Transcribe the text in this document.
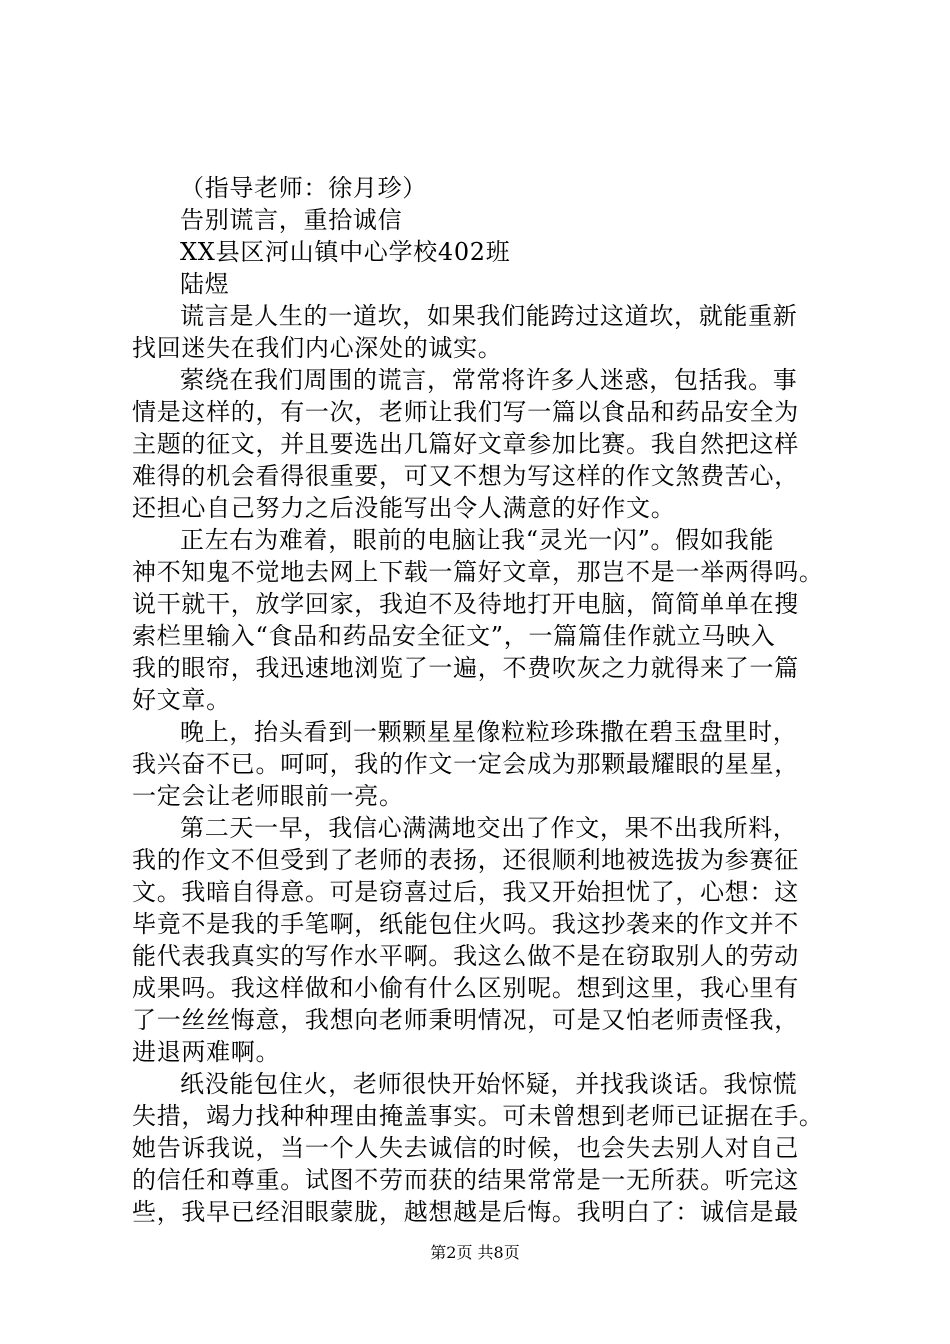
（指导老师：徐月珍）
告别谎言，重拾诚信
XX县区河山镇中心学校402班
陆煜
谎言是人生的一道坎，如果我们能跨过这道坎，就能重新
找回迷失在我们内心深处的诚实。
萦绕在我们周围的谎言，常常将许多人迷惑，包括我。事
情是这样的，有一次，老师让我们写一篇以食品和药品安全为
主题的征文，并且要选出几篇好文章参加比赛。我自然把这样
难得的机会看得很重要，可又不想为写这样的作文煞费苦心，
还担心自己努力之后没能写出令人满意的好作文。
正左右为难着，眼前的电脑让我“灵光一闪”。假如我能
神不知鬼不觉地去网上下载一篇好文章，那岂不是一举两得吗。
说干就干，放学回家，我迫不及待地打开电脑，简简单单在搜
索栏里输入“食品和药品安全征文”，一篇篇佳作就立马映入
我的眼帘，我迅速地浏览了一遍，不费吹灰之力就得来了一篇
好文章。
晚上，抬头看到一颗颗星星像粒粒珍珠撒在碧玉盘里时，
我兴奋不已。呵呵，我的作文一定会成为那颗最耀眼的星星，
一定会让老师眼前一亮。
第二天一早，我信心满满地交出了作文，果不出我所料，
我的作文不但受到了老师的表扬，还很顺利地被选拔为参赛征
文。我暗自得意。可是窃喜过后，我又开始担忧了，心想：这
毕竟不是我的手笔啊，纸能包住火吗。我这抄袭来的作文并不
能代表我真实的写作水平啊。我这么做不是在窃取别人的劳动
成果吗。我这样做和小偷有什么区别呢。想到这里，我心里有
了一丝丝悔意，我想向老师秉明情况，可是又怕老师责怪我，
进退两难啊。
纸没能包住火，老师很快开始怀疑，并找我谈话。我惊慌
失措，竭力找种种理由掩盖事实。可未曾想到老师已证据在手。
她告诉我说，当一个人失去诚信的时候，也会失去别人对自己
的信任和尊重。试图不劳而获的结果常常是一无所获。听完这
些，我早已经泪眼蒙胧，越想越是后悔。我明白了：诚信是最
第2页 共8页
